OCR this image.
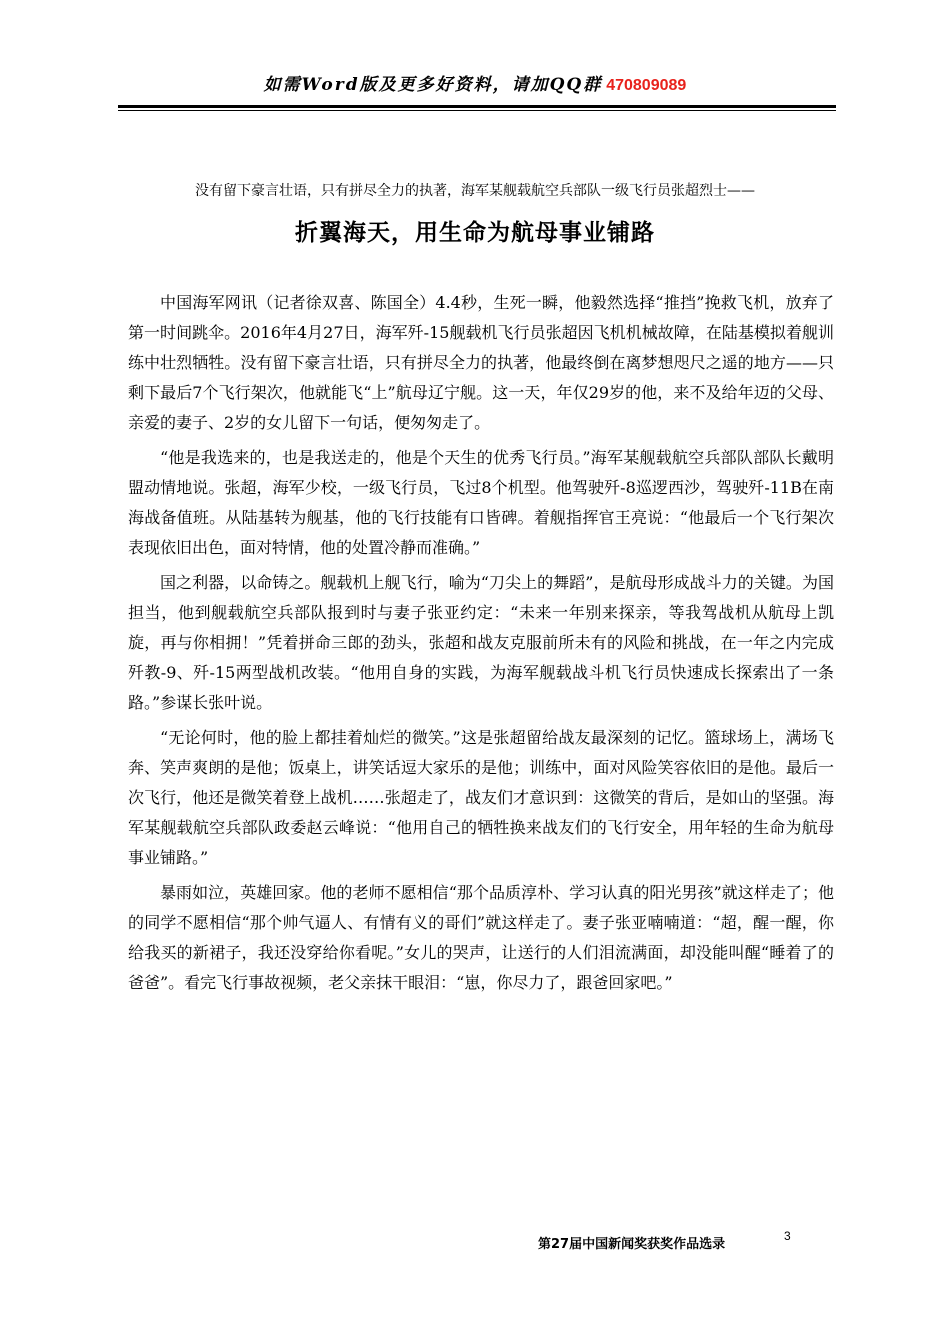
如需Word版及更多好资料，请加QQ群 470809089
没有留下豪言壮语，只有拼尽全力的执著，海军某舰载航空兵部队一级飞行员张超烈士——
折翼海天，用生命为航母事业铺路

中国海军网讯（记者徐双喜、陈国全）4.4秒，生死一瞬，他毅然选择“推挡”挽救飞机，放弃了第一时间跳伞。2016年4月27日，海军歼-15舰载机飞行员张超因飞机机械故障，在陆基模拟着舰训练中壮烈牺牲。没有留下豪言壮语，只有拼尽全力的执著，他最终倒在离梦想咫尺之遥的地方——只剩下最后7个飞行架次，他就能飞“上”航母辽宁舰。这一天，年仅29岁的他，来不及给年迈的父母、亲爱的妻子、2岁的女儿留下一句话，便匆匆走了。

“他是我选来的，也是我送走的，他是个天生的优秀飞行员。”海军某舰载航空兵部队部队长戴明盟动情地说。张超，海军少校，一级飞行员，飞过8个机型。他驾驶歼-8巡逻西沙，驾驶歼-11B在南海战备值班。从陆基转为舰基，他的飞行技能有口皆碑。着舰指挥官王亮说：“他最后一个飞行架次表现依旧出色，面对特情，他的处置冷静而准确。”

国之利器，以命铸之。舰载机上舰飞行，喻为“刀尖上的舞蹈”，是航母形成战斗力的关键。为国担当，他到舰载航空兵部队报到时与妻子张亚约定：“未来一年别来探亲，等我驾战机从航母上凯旋，再与你相拥！”凭着拼命三郎的劲头，张超和战友克服前所未有的风险和挑战，在一年之内完成歼教-9、歼-15两型战机改装。“他用自身的实践，为海军舰载战斗机飞行员快速成长探索出了一条路。”参谋长张叶说。

“无论何时，他的脸上都挂着灿烂的微笑。”这是张超留给战友最深刻的记忆。篮球场上，满场飞奔、笑声爽朗的是他；饭桌上，讲笑话逗大家乐的是他；训练中，面对风险笑容依旧的是他。最后一次飞行，他还是微笑着登上战机……张超走了，战友们才意识到：这微笑的背后，是如山的坚强。海军某舰载航空兵部队政委赵云峰说：“他用自己的牺牲换来战友们的飞行安全，用年轻的生命为航母事业铺路。”

暴雨如泣，英雄回家。他的老师不愿相信“那个品质淳朴、学习认真的阳光男孩”就这样走了；他的同学不愿相信“那个帅气逼人、有情有义的哥们”就这样走了。妻子张亚喃喃道：“超，醒一醒，你给我买的新裙子，我还没穿给你看呢。”女儿的哭声，让送行的人们泪流满面，却没能叫醒“睡着了的爸爸”。看完飞行事故视频，老父亲抹干眼泪：“崽，你尽力了，跟爸回家吧。”

第27届中国新闻奖获奖作品选录
3
